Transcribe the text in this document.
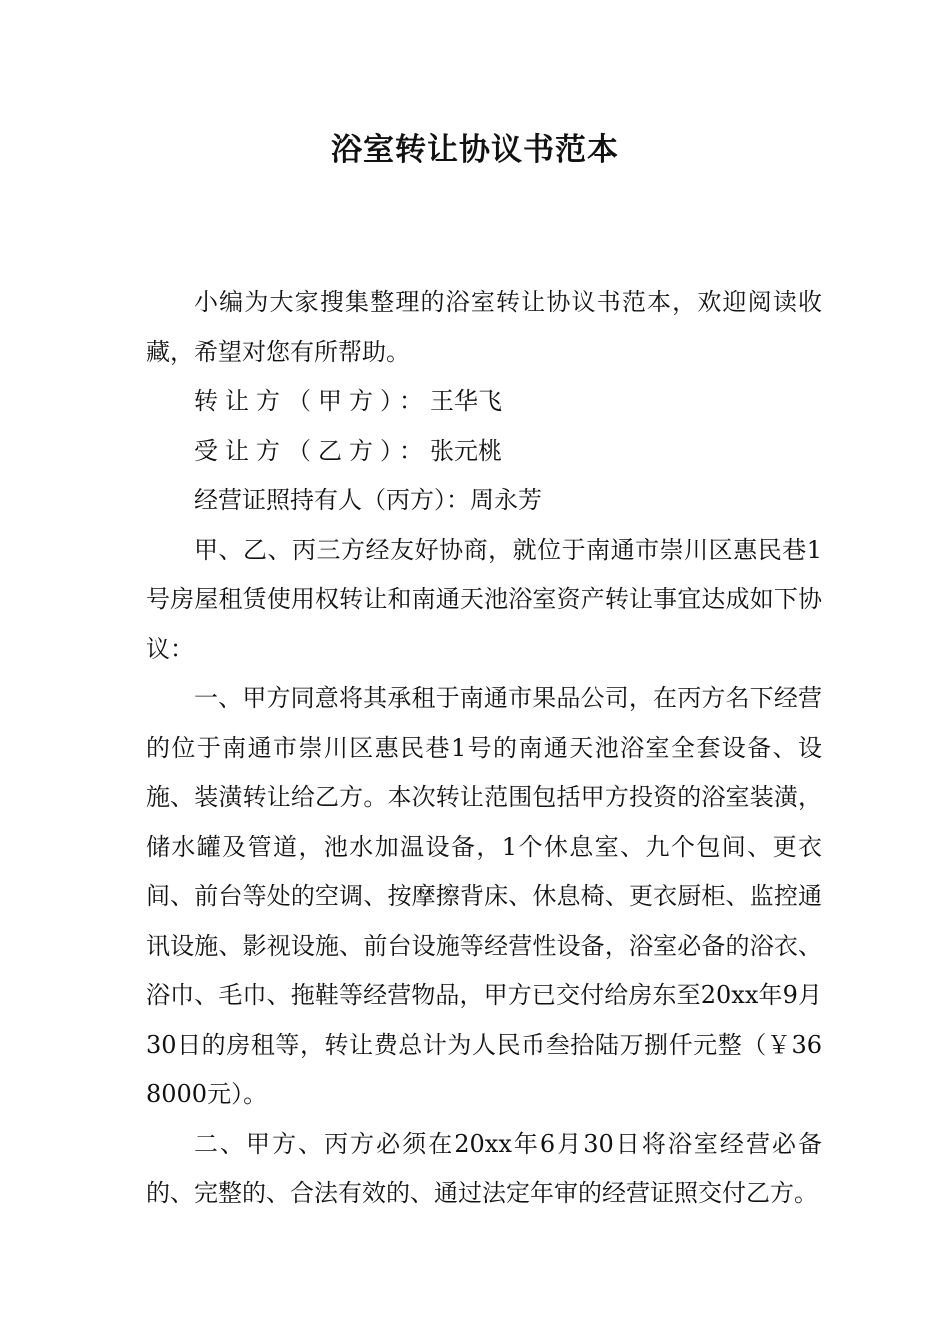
浴室转让协议书范本

小编为大家搜集整理的浴室转让协议书范本，欢迎阅读收藏，希望对您有所帮助。

转让方（甲方）：王华飞

受让方（乙方）：张元桃

经营证照持有人（丙方）：周永芳

甲、乙、丙三方经友好协商，就位于南通市崇川区惠民巷1号房屋租赁使用权转让和南通天池浴室资产转让事宜达成如下协议：

一、甲方同意将其承租于南通市果品公司，在丙方名下经营的位于南通市崇川区惠民巷1号的南通天池浴室全套设备、设施、装潢转让给乙方。本次转让范围包括甲方投资的浴室装潢，储水罐及管道，池水加温设备，1个休息室、九个包间、更衣间、前台等处的空调、按摩擦背床、休息椅、更衣厨柜、监控通讯设施、影视设施、前台设施等经营性设备，浴室必备的浴衣、浴巾、毛巾、拖鞋等经营物品，甲方已交付给房东至20xx年9月30日的房租等，转让费总计为人民币叁拾陆万捌仟元整（￥368000元）。

二、甲方、丙方必须在20xx年6月30日将浴室经营必备的、完整的、合法有效的、通过法定年审的经营证照交付乙方。
